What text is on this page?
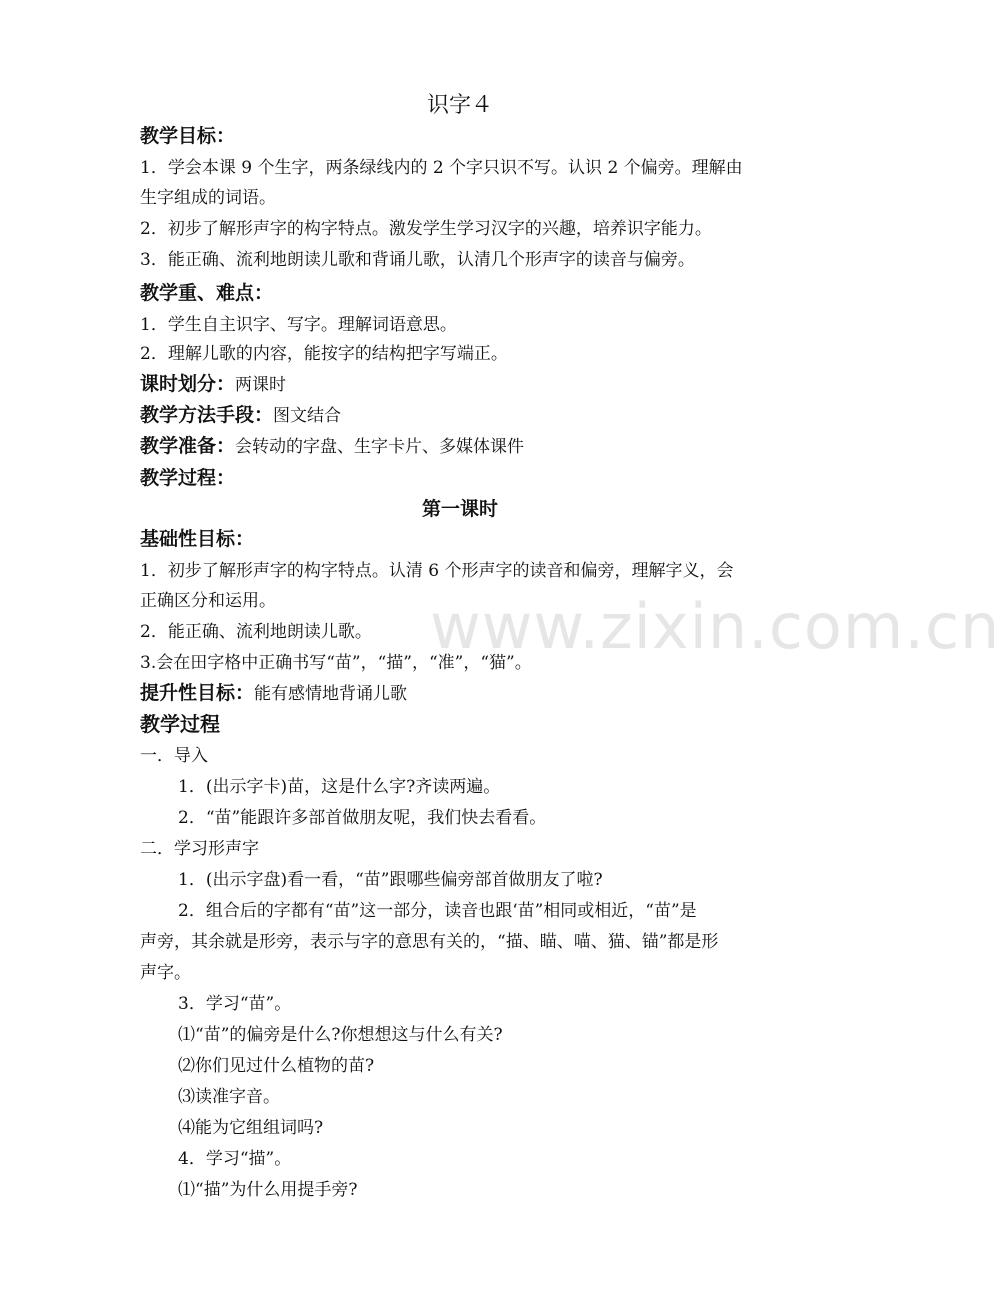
www.zixin.com.cn
识字４
教学目标：
1．学会本课 9 个生字，两条绿线内的 2 个字只识不写。认识 2 个偏旁。理解由
生字组成的词语。
2．初步了解形声字的构字特点。激发学生学习汉字的兴趣，培养识字能力。
3．能正确、流利地朗读儿歌和背诵儿歌，认清几个形声字的读音与偏旁。
教学重、难点：
1．学生自主识字、写字。理解词语意思。
2．理解儿歌的内容，能按字的结构把字写端正。
课时划分：两课时
教学方法手段：图文结合
教学准备：会转动的字盘、生字卡片、多媒体课件
教学过程：
第一课时
基础性目标：
1．初步了解形声字的构字特点。认清 6 个形声字的读音和偏旁，理解字义，会
正确区分和运用。
2．能正确、流利地朗读儿歌。
3.会在田字格中正确书写“苗”，“描”，“准”，“猫”。
提升性目标：能有感情地背诵儿歌
教学过程
一．导入
1．(出示字卡)苗，这是什么字?齐读两遍。
2．“苗”能跟许多部首做朋友呢，我们快去看看。
二．学习形声字
1．(出示字盘)看一看，“苗”跟哪些偏旁部首做朋友了啦?
2．组合后的字都有“苗”这一部分，读音也跟‘苗”相同或相近，“苗”是
声旁，其余就是形旁，表示与字的意思有关的，“描、瞄、喵、猫、锚”都是形
声字。
3．学习“苗”。
⑴“苗”的偏旁是什么?你想想这与什么有关?
⑵你们见过什么植物的苗?
⑶读准字音。
⑷能为它组组词吗?
4．学习“描”。
⑴“描”为什么用提手旁?
